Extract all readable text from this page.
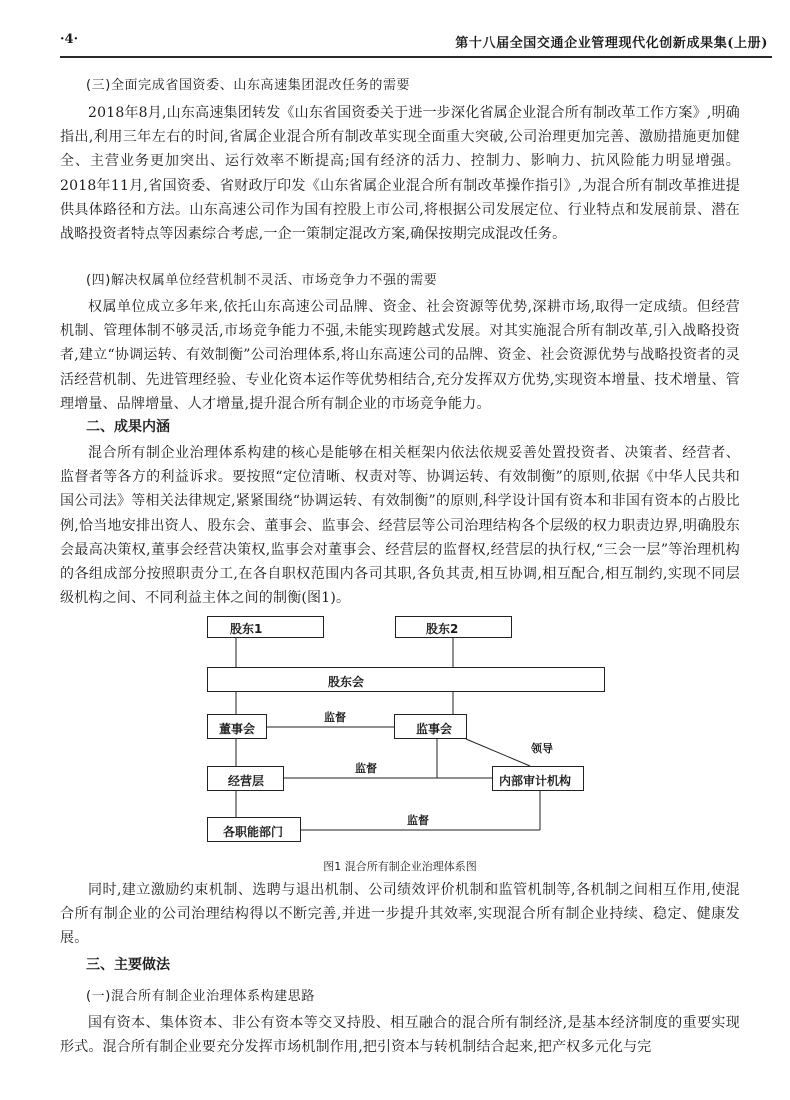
·4·	第十八届全国交通企业管理现代化创新成果集(上册)
(三)全面完成省国资委、山东高速集团混改任务的需要
2018年8月,山东高速集团转发《山东省国资委关于进一步深化省属企业混合所有制改革工作方案》,明确指出,利用三年左右的时间,省属企业混合所有制改革实现全面重大突破,公司治理更加完善、激励措施更加健全、主营业务更加突出、运行效率不断提高;国有经济的活力、控制力、影响力、抗风险能力明显增强。2018年11月,省国资委、省财政厅印发《山东省属企业混合所有制改革操作指引》,为混合所有制改革推进提供具体路径和方法。山东高速公司作为国有控股上市公司,将根据公司发展定位、行业特点和发展前景、潜在战略投资者特点等因素综合考虑,一企一策制定混改方案,确保按期完成混改任务。
(四)解决权属单位经营机制不灵活、市场竞争力不强的需要
权属单位成立多年来,依托山东高速公司品牌、资金、社会资源等优势,深耕市场,取得一定成绩。但经营机制、管理体制不够灵活,市场竞争能力不强,未能实现跨越式发展。对其实施混合所有制改革,引入战略投资者,建立“协调运转、有效制衡”公司治理体系,将山东高速公司的品牌、资金、社会资源优势与战略投资者的灵活经营机制、先进管理经验、专业化资本运作等优势相结合,充分发挥双方优势,实现资本增量、技术增量、管理增量、品牌增量、人才增量,提升混合所有制企业的市场竞争能力。
二、成果内涵
混合所有制企业治理体系构建的核心是能够在相关框架内依法依规妥善处置投资者、决策者、经营者、监督者等各方的利益诉求。要按照“定位清晰、权责对等、协调运转、有效制衡”的原则,依据《中华人民共和国公司法》等相关法律规定,紧紧围绕“协调运转、有效制衡”的原则,科学设计国有资本和非国有资本的占股比例,恰当地安排出资人、股东会、董事会、监事会、经营层等公司治理结构各个层级的权力职责边界,明确股东会最高决策权,董事会经营决策权,监事会对董事会、经营层的监督权,经营层的执行权,“三会一层”等治理机构的各组成部分按照职责分工,在各自职权范围内各司其职,各负其责,相互协调,相互配合,相互制约,实现不同层级机构之间、不同利益主体之间的制衡(图1)。
股东1	股东2
股东会
董事会	监事会
经营层	内部审计机构
各职能部门
监督
领导
监督
监督
图1 混合所有制企业治理体系图
同时,建立激励约束机制、选聘与退出机制、公司绩效评价机制和监管机制等,各机制之间相互作用,使混合所有制企业的公司治理结构得以不断完善,并进一步提升其效率,实现混合所有制企业持续、稳定、健康发展。
三、主要做法
(一)混合所有制企业治理体系构建思路
国有资本、集体资本、非公有资本等交叉持股、相互融合的混合所有制经济,是基本经济制度的重要实现形式。混合所有制企业要充分发挥市场机制作用,把引资本与转机制结合起来,把产权多元化与完
